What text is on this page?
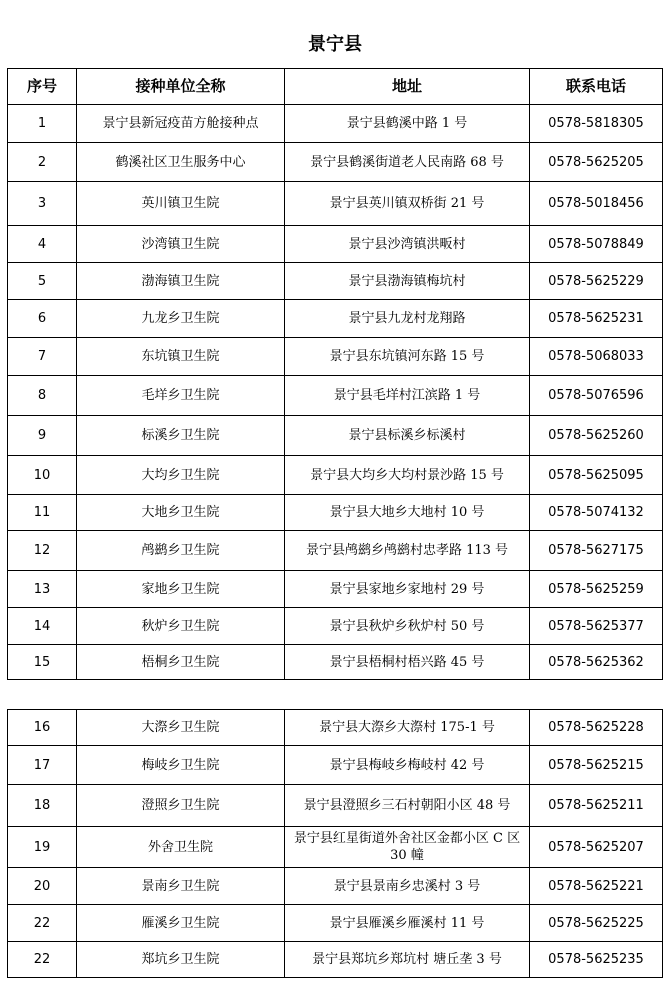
景宁县
序号	接种单位全称	地址	联系电话
1	景宁县新冠疫苗方舱接种点	景宁县鹤溪中路 1 号	0578-5818305
2	鹤溪社区卫生服务中心	景宁县鹤溪街道老人民南路 68 号	0578-5625205
3	英川镇卫生院	景宁县英川镇双桥街 21 号	0578-5018456
4	沙湾镇卫生院	景宁县沙湾镇洪畈村	0578-5078849
5	渤海镇卫生院	景宁县渤海镇梅坑村	0578-5625229
6	九龙乡卫生院	景宁县九龙村龙翔路	0578-5625231
7	东坑镇卫生院	景宁县东坑镇河东路 15 号	0578-5068033
8	毛垟乡卫生院	景宁县毛垟村江滨路 1 号	0578-5076596
9	标溪乡卫生院	景宁县标溪乡标溪村	0578-5625260
10	大均乡卫生院	景宁县大均乡大均村景沙路 15 号	0578-5625095
11	大地乡卫生院	景宁县大地乡大地村 10 号	0578-5074132
12	鸬鹚乡卫生院	景宁县鸬鹚乡鸬鹚村忠孝路 113 号	0578-5627175
13	家地乡卫生院	景宁县家地乡家地村 29 号	0578-5625259
14	秋炉乡卫生院	景宁县秋炉乡秋炉村 50 号	0578-5625377
15	梧桐乡卫生院	景宁县梧桐村梧兴路 45 号	0578-5625362
16	大漈乡卫生院	景宁县大漈乡大漈村 175-1 号	0578-5625228
17	梅岐乡卫生院	景宁县梅岐乡梅岐村 42 号	0578-5625215
18	澄照乡卫生院	景宁县澄照乡三石村朝阳小区 48 号	0578-5625211
19	外舍卫生院	景宁县红星街道外舍社区金都小区 C 区 30 幢	0578-5625207
20	景南乡卫生院	景宁县景南乡忠溪村 3 号	0578-5625221
22	雁溪乡卫生院	景宁县雁溪乡雁溪村 11 号	0578-5625225
22	郑坑乡卫生院	景宁县郑坑乡郑坑村 塘丘垄 3 号	0578-5625235
